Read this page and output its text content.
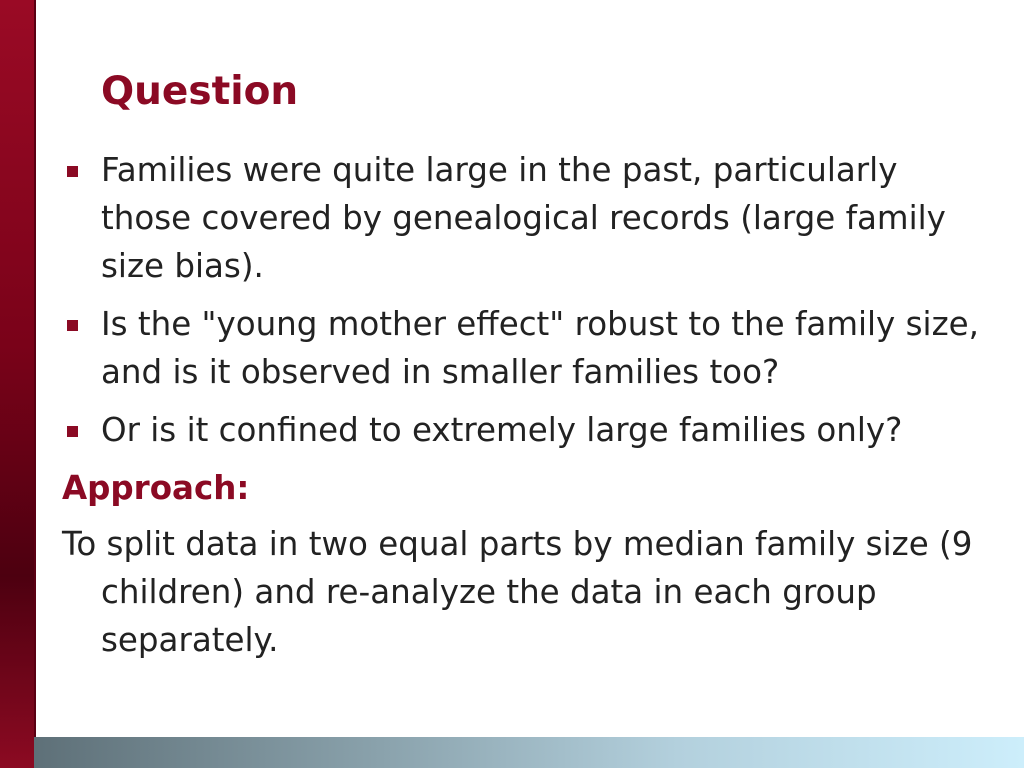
Question
Families were quite large in the past, particularly those covered by genealogical records (large family size bias).
Is the "young mother effect" robust to the family size, and is it observed in smaller families too?
Or is it confined to extremely large families only?

Approach:

To split data in two equal parts by median family size (9 children) and re-analyze the data in each group separately.
